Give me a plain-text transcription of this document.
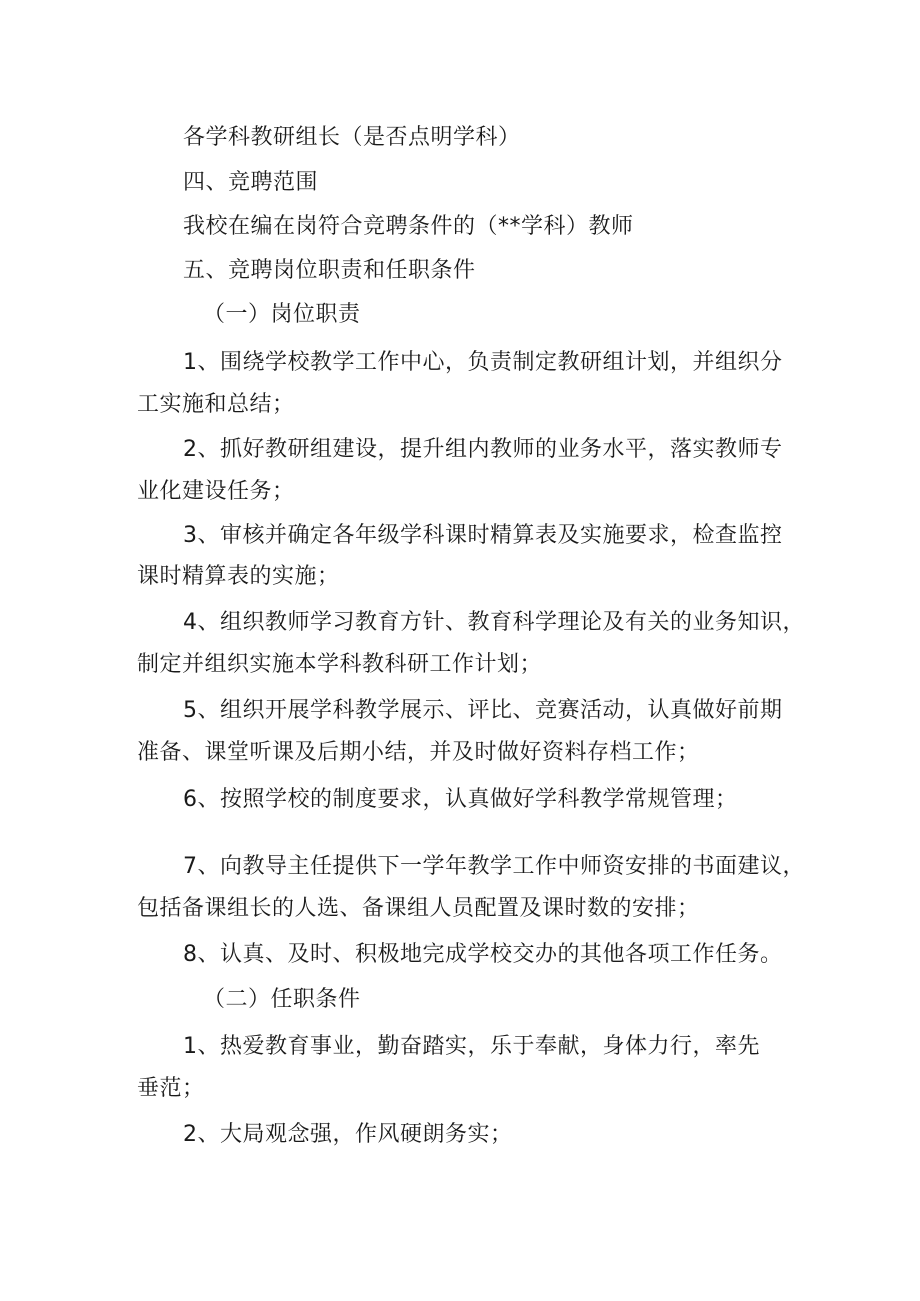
各学科教研组长（是否点明学科）
四、竞聘范围
我校在编在岗符合竞聘条件的（**学科）教师
五、竞聘岗位职责和任职条件
（一）岗位职责
1、围绕学校教学工作中心，负责制定教研组计划，并组织分
工实施和总结；
2、抓好教研组建设，提升组内教师的业务水平，落实教师专
业化建设任务；
3、审核并确定各年级学科课时精算表及实施要求，检查监控
课时精算表的实施；
4、组织教师学习教育方针、教育科学理论及有关的业务知识，
制定并组织实施本学科教科研工作计划；
5、组织开展学科教学展示、评比、竞赛活动，认真做好前期
准备、课堂听课及后期小结，并及时做好资料存档工作；
6、按照学校的制度要求，认真做好学科教学常规管理；
7、向教导主任提供下一学年教学工作中师资安排的书面建议，
包括备课组长的人选、备课组人员配置及课时数的安排；
8、认真、及时、积极地完成学校交办的其他各项工作任务。
（二）任职条件
1、热爱教育事业，勤奋踏实，乐于奉献，身体力行，率先
垂范；
2、大局观念强，作风硬朗务实；
